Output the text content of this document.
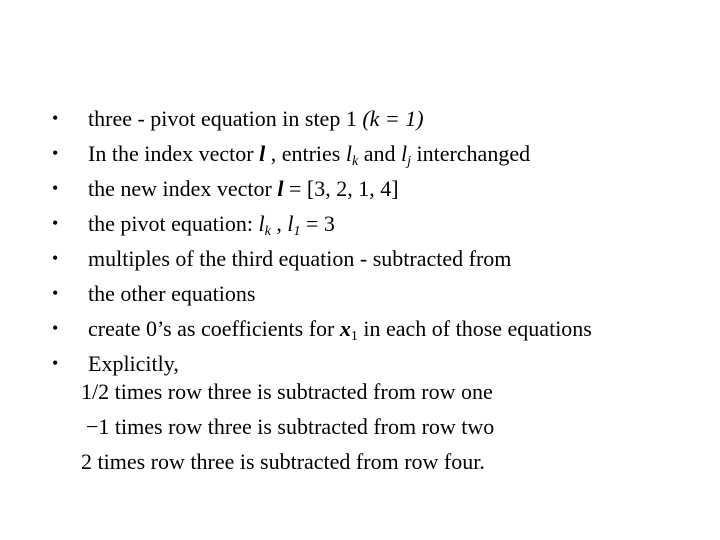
• three - pivot equation in step 1 (k = 1)
• In the index vector l , entries $l_k$ and $l_j$ interchanged
• the new index vector l = [3, 2, 1, 4]
• the pivot equation: $l_k$ , $l_1 = 3$
• multiples of the third equation - subtracted from
• the other equations
• create 0’s as coefficients for $x_1$ in each of those equations
• Explicitly,
1/2 times row three is subtracted from row one
−1 times row three is subtracted from row two
2 times row three is subtracted from row four.
